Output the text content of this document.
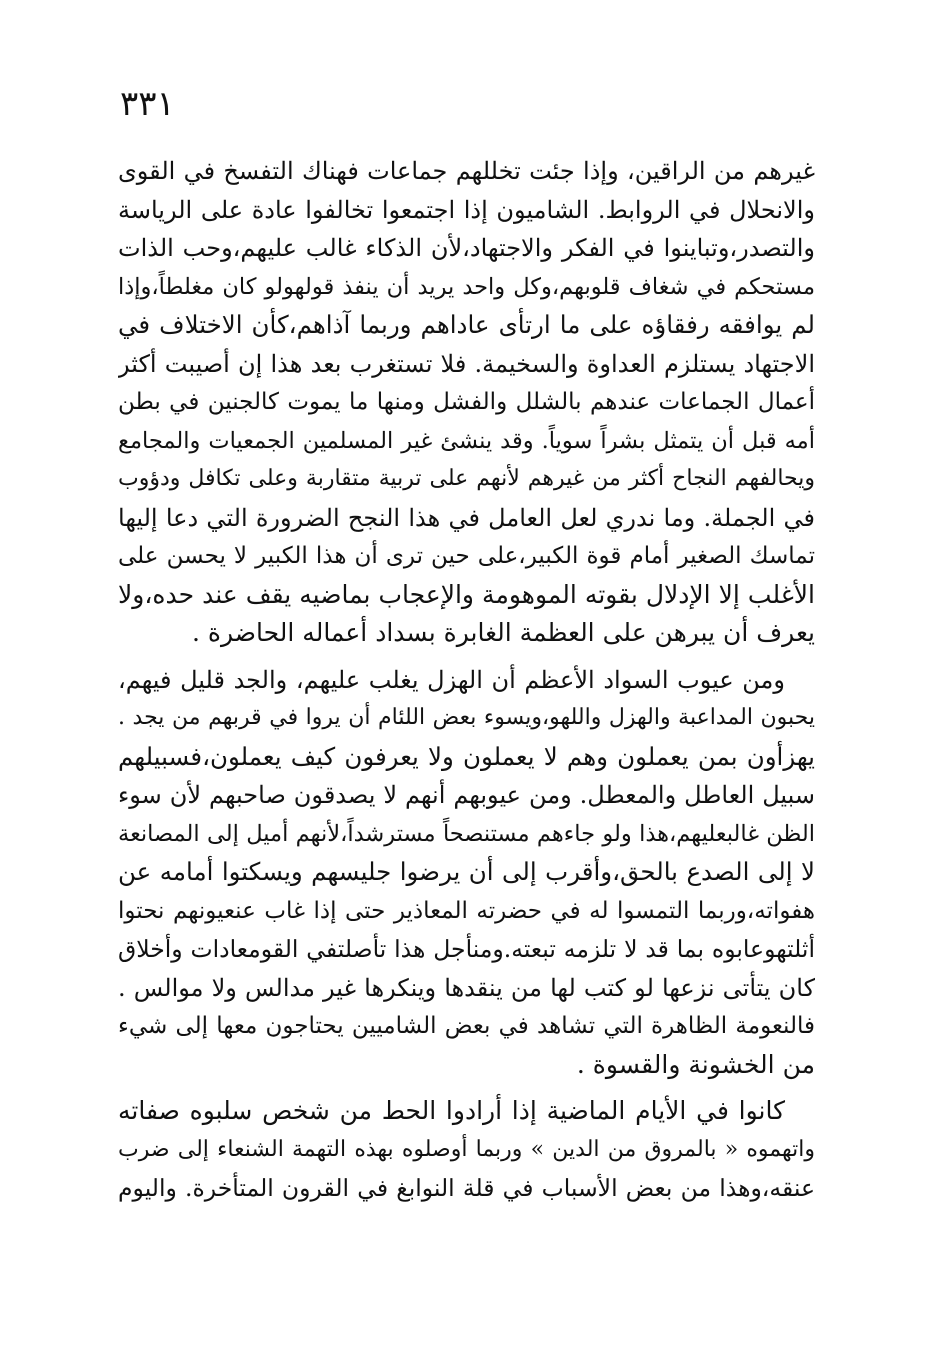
٣٣١
غيرهم من الراقين، وإذا جئت تخللهم جماعات فهناك التفسخ في القوى
والانحلال في الروابط. الشاميون إذا اجتمعوا تخالفوا عادة على الرياسة
والتصدر،وتباينوا في الفكر والاجتهاد،لأن الذكاء غالب عليهم،وحب الذات
مستحكم في شغاف قلوبهم،وكل واحد يريد أن ينفذ قولهولو كان مغلطاً،وإذا
لم يوافقه رفقاؤه على ما ارتأى عاداهم وربما آذاهم،كأن الاختلاف في
الاجتهاد يستلزم العداوة والسخيمة. فلا تستغرب بعد هذا إن أصيبت أكثر
أعمال الجماعات عندهم بالشلل والفشل ومنها ما يموت كالجنين في بطن
أمه قبل أن يتمثل بشراً سوياً. وقد ينشئ غير المسلمين الجمعيات والمجامع
ويحالفهم النجاح أكثر من غيرهم لأنهم على تربية متقاربة وعلى تكافل ودؤوب
في الجملة. وما ندري لعل العامل في هذا النجح الضرورة التي دعا إليها
تماسك الصغير أمام قوة الكبير،على حين ترى أن هذا الكبير لا يحسن على
الأغلب إلا الإدلال بقوته الموهومة والإعجاب بماضيه يقف عند حده،ولا
يعرف أن يبرهن على العظمة الغابرة بسداد أعماله الحاضرة .
ومن عيوب السواد الأعظم أن الهزل يغلب عليهم، والجد قليل فيهم،
يحبون المداعبة والهزل واللهو،ويسوء بعض اللئام أن يروا في قربهم من يجد .
يهزأون بمن يعملون وهم لا يعملون ولا يعرفون كيف يعملون،فسبيلهم
سبيل العاطل والمعطل. ومن عيوبهم أنهم لا يصدقون صاحبهم لأن سوء
الظن غالبعليهم،هذا ولو جاءهم مستنصحاً مسترشداً،لأنهم أميل إلى المصانعة
لا إلى الصدع بالحق،وأقرب إلى أن يرضوا جليسهم ويسكتوا أمامه عن
هفواته،وربما التمسوا له في حضرته المعاذير حتى إذا غاب عنعيونهم نحتوا
أثلتهوعابوه بما قد لا تلزمه تبعته.ومنأجل هذا تأصلتفي القومعادات وأخلاق
كان يتأتى نزعها لو كتب لها من ينقدها وينكرها غير مدالس ولا موالس .
فالنعومة الظاهرة التي تشاهد في بعض الشاميين يحتاجون معها إلى شيء
من الخشونة والقسوة .
كانوا في الأيام الماضية إذا أرادوا الحط من شخص سلبوه صفاته
واتهموه « بالمروق من الدين » وربما أوصلوه بهذه التهمة الشنعاء إلى ضرب
عنقه،وهذا من بعض الأسباب في قلة النوابغ في القرون المتأخرة. واليوم
